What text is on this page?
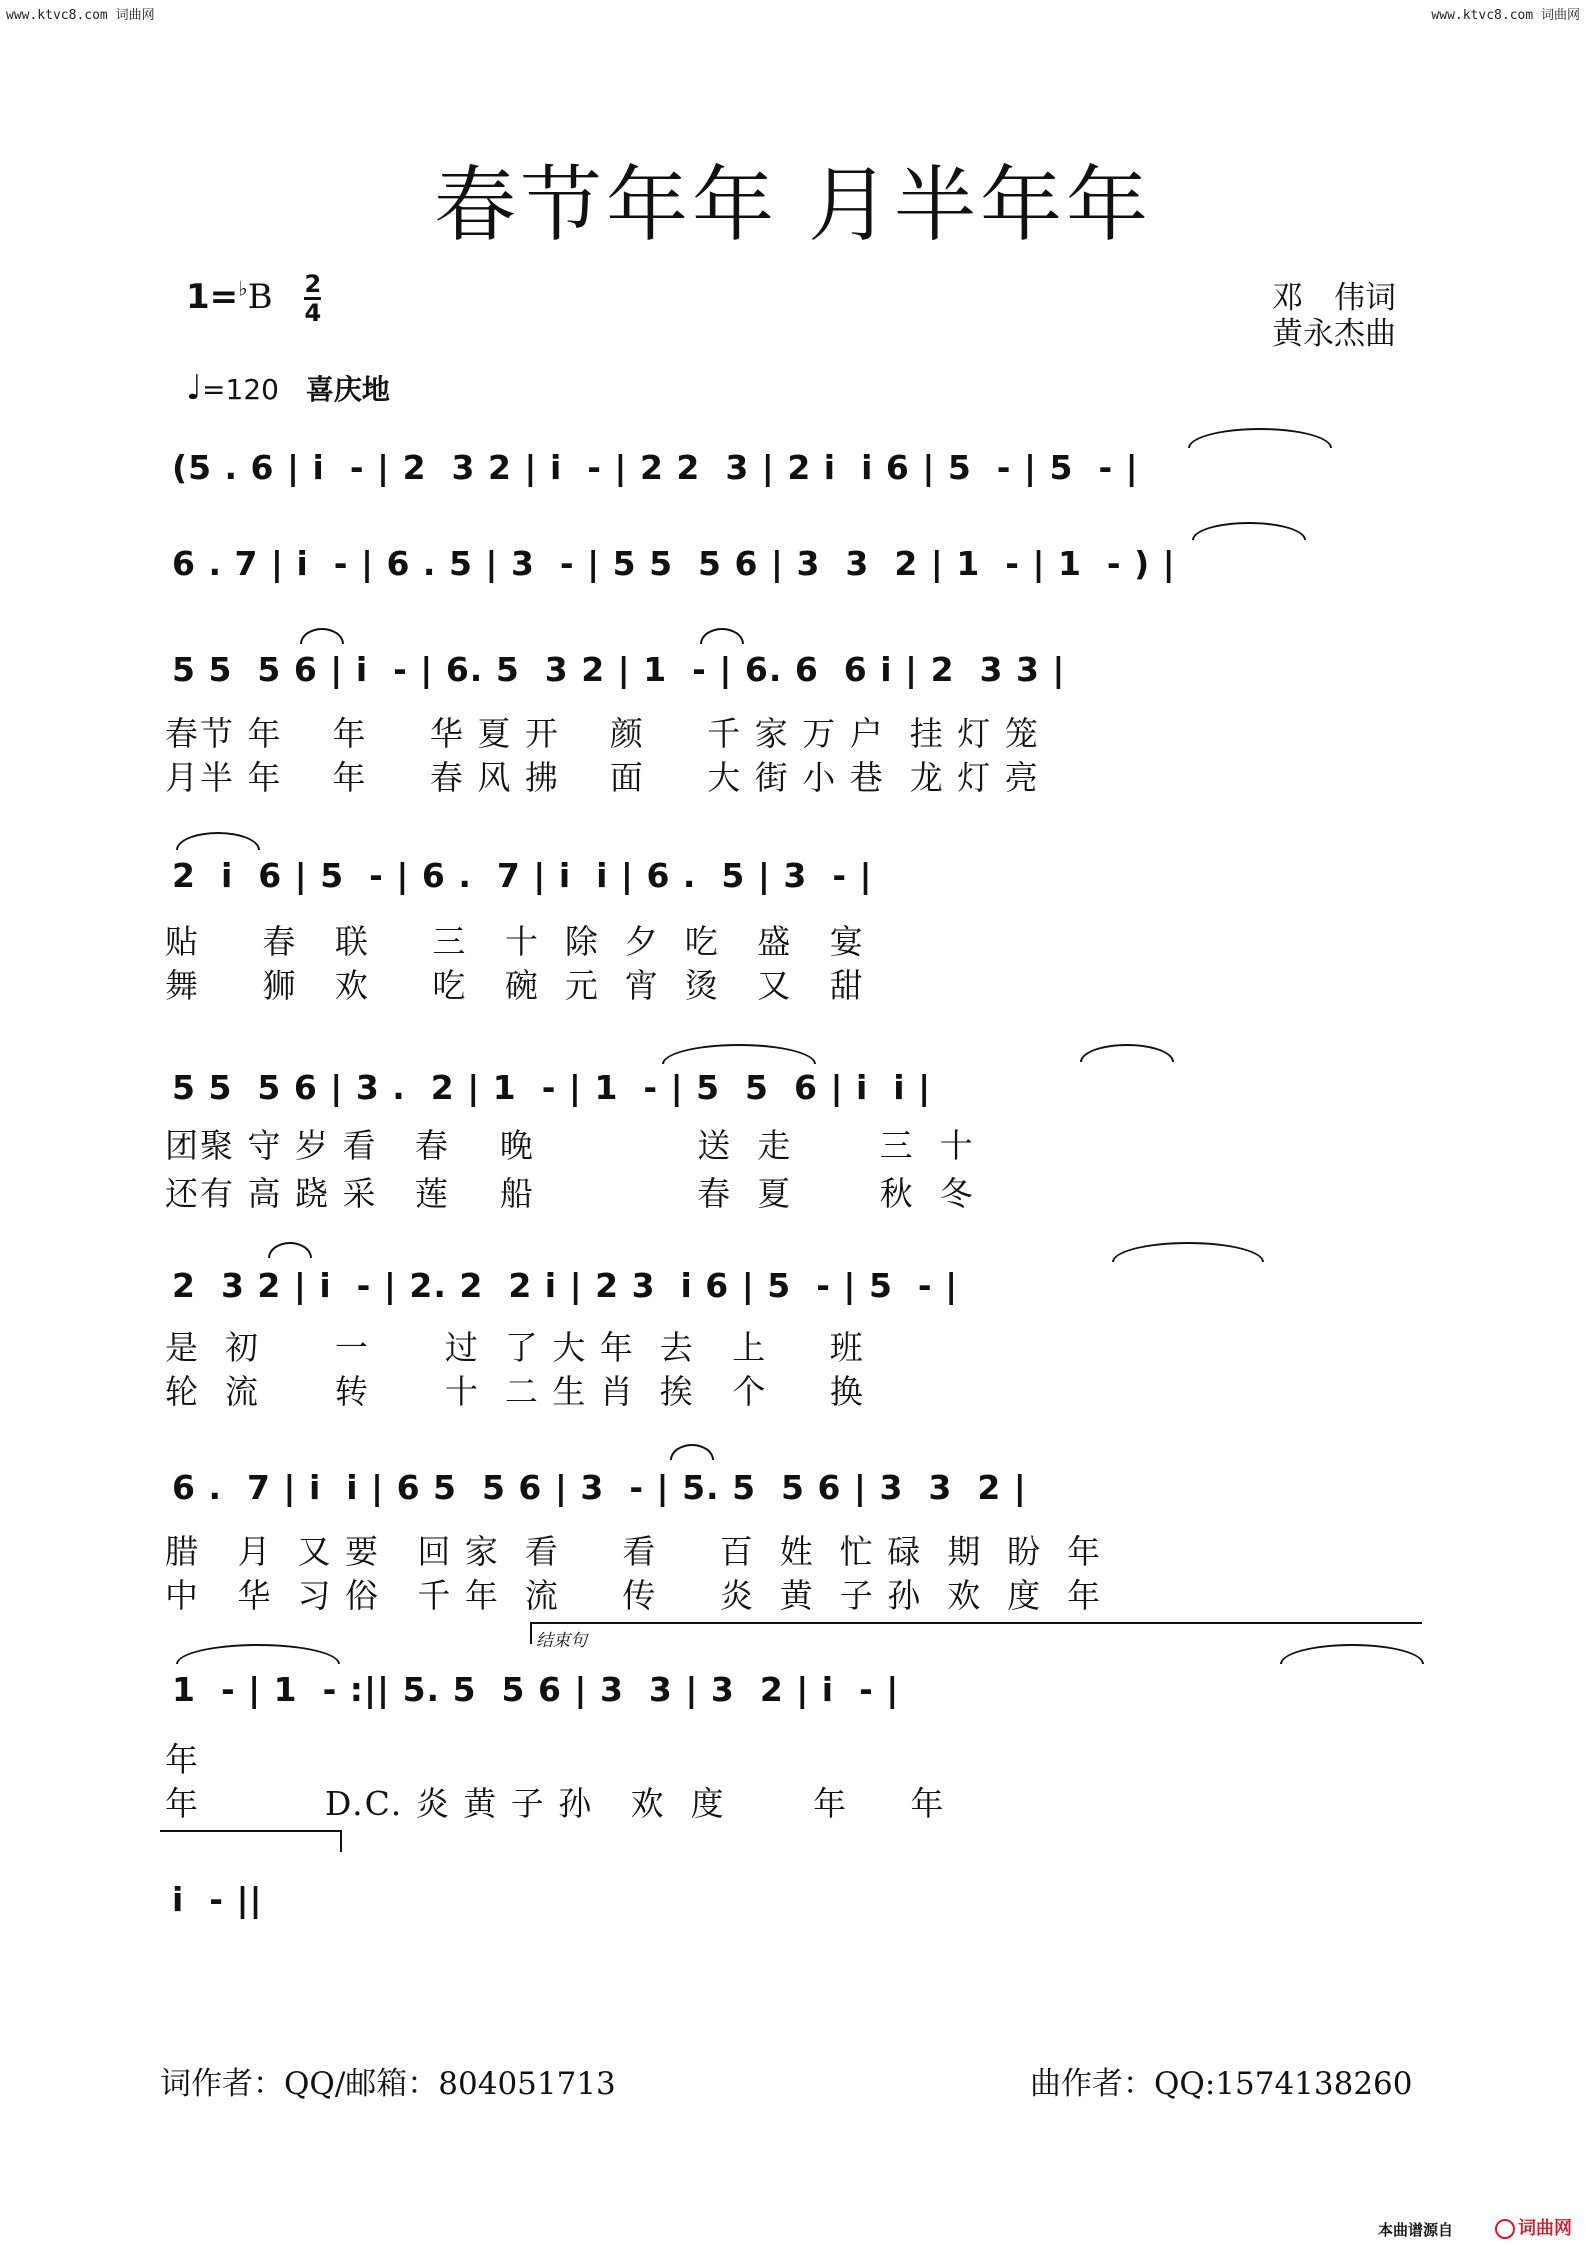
www.ktvc8.com 词曲网	www.ktvc8.com 词曲网
春节年年 月半年年
$1=^♭B \frac{2}{4}$	邓　伟词
黄永杰曲
♩=120 喜庆地
(5 . 6 | i  - | 2  3 2 | i  - | 2 2  3 | 2 i  i 6 | 5  - | 5  - |
6 . 7 | i  - | 6 . 5 | 3  - | 5 5  5 6 | 3  3  2 | 1  - | 1  - ) |
5 5  5 6 | i  - | 6. 5  3 2 | 1  - | 6. 6  6 i | 2  3 3 |
春节 年    年     华 夏 开    颜     千 家 万 户  挂 灯 笼
月半 年    年     春 风 拂    面     大 街 小 巷  龙 灯 亮
2  i  6 | 5  - | 6 .  7 | i  i | 6 .  5 | 3  - |
贴     春   联     三   十  除  夕  吃   盛   宴
舞     狮   欢     吃   碗  元  宵  烫   又   甜
5 5  5 6 | 3 .  2 | 1  - | 1  - | 5  5  6 | i  i |
团聚 守 岁 看   春    晚             送  走       三  十
还有 高 跷 采   莲    船             春  夏       秋  冬
2  3 2 | i  - | 2. 2  2 i | 2 3  i 6 | 5  - | 5  - |
是  初      一      过  了 大 年  去   上     班
轮  流      转      十  二 生 肖  挨   个     换
6 .  7 | i  i | 6 5  5 6 | 3  - | 5. 5  5 6 | 3  3  2 |
腊   月  又 要   回 家  看     看     百  姓  忙 碌  期  盼  年
中   华  习 俗   千 年  流     传     炎  黄  子 孙  欢  度  年
结束句
1  - | 1  - :|| 5. 5  5 6 | 3  3 | 3  2 | i  - |
年
年          D.C. 炎 黄 子 孙   欢  度       年     年
i  - ||
词作者：QQ/邮箱：804051713	曲作者：QQ:1574138260
本曲谱源自	词曲网
